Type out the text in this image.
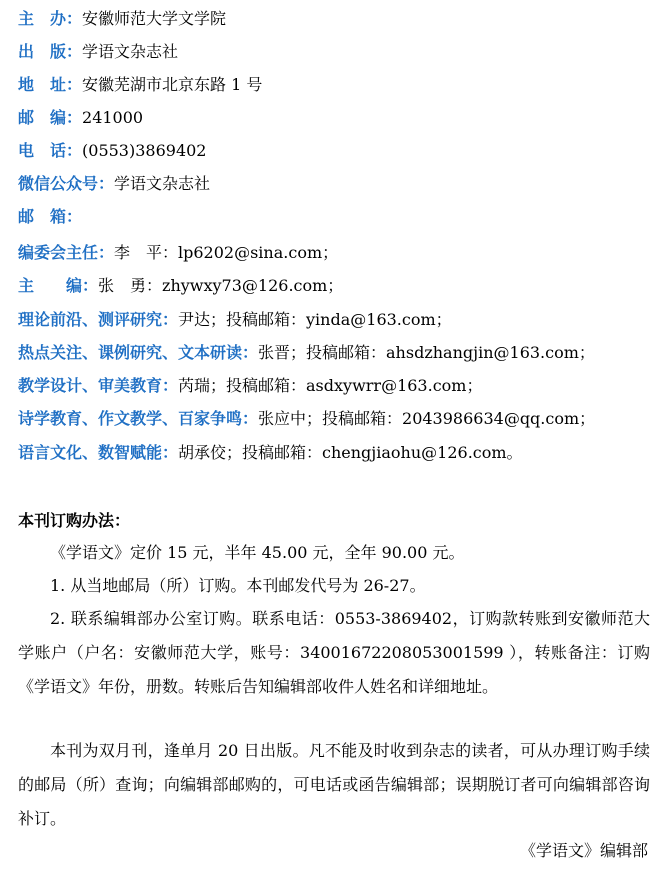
主　办：安徽师范大学文学院
出　版：学语文杂志社
地　址：安徽芜湖市北京东路 1 号
邮　编：241000
电　话：(0553)3869402
微信公众号：学语文杂志社
邮　箱：
编委会主任：李　平：lp6202@sina.com；
主　　编：张　勇：zhywxy73@126.com；
理论前沿、测评研究：尹达；投稿邮箱：yinda@163.com；
热点关注、课例研究、文本研读：张晋；投稿邮箱：ahsdzhangjin@163.com；
教学设计、审美教育：芮瑞；投稿邮箱：asdxywrr@163.com；
诗学教育、作文教学、百家争鸣：张应中；投稿邮箱：2043986634@qq.com；
语言文化、数智赋能：胡承佼；投稿邮箱：chengjiaohu@126.com。
本刊订购办法：
《学语文》定价 15 元，半年 45.00 元，全年 90.00 元。
1. 从当地邮局（所）订购。本刊邮发代号为 26-27。
2. 联系编辑部办公室订购。联系电话：0553-3869402，订购款转账到安徽师范大学账户（户名：安徽师范大学，账号：34001672208053001599 ），转账备注：订购《学语文》年份，册数。转账后告知编辑部收件人姓名和详细地址。
本刊为双月刊，逢单月 20 日出版。凡不能及时收到杂志的读者，可从办理订购手续的邮局（所）查询；向编辑部邮购的，可电话或函告编辑部；误期脱订者可向编辑部咨询补订。
《学语文》编辑部
